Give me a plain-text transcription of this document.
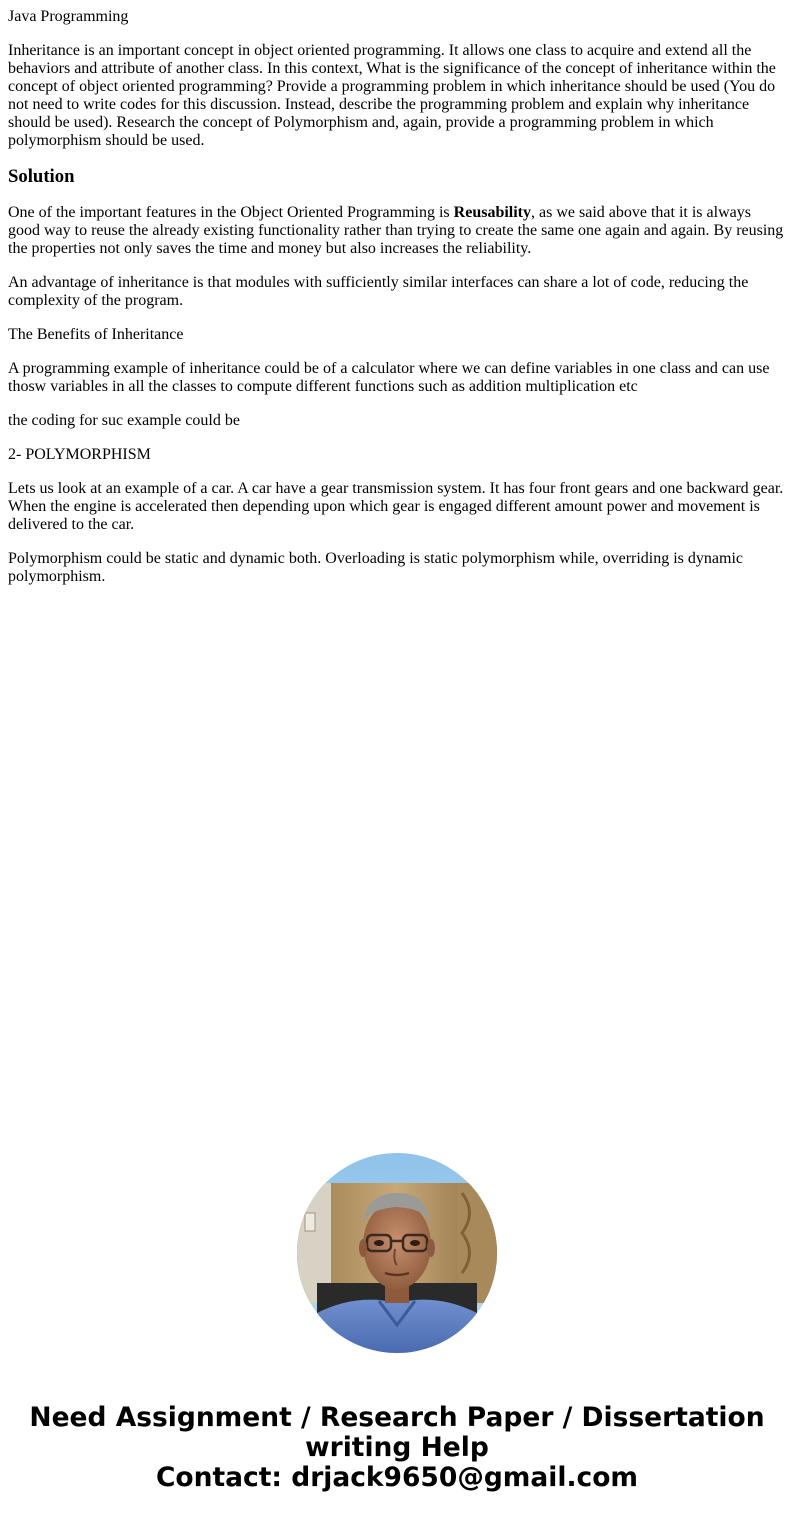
Java Programming

Inheritance is an important concept in object oriented programming. It allows one class to acquire and extend all the behaviors and attribute of another class. In this context, What is the significance of the concept of inheritance within the concept of object oriented programming? Provide a programming problem in which inheritance should be used (You do not need to write codes for this discussion. Instead, describe the programming problem and explain why inheritance should be used). Research the concept of Polymorphism and, again, provide a programming problem in which polymorphism should be used.

Solution

One of the important features in the Object Oriented Programming is Reusability, as we said above that it is always good way to reuse the already existing functionality rather than trying to create the same one again and again. By reusing the properties not only saves the time and money but also increases the reliability.

An advantage of inheritance is that modules with sufficiently similar interfaces can share a lot of code, reducing the complexity of the program.

The Benefits of Inheritance

A programming example of inheritance could be of a calculator where we can define variables in one class and can use thosw variables in all the classes to compute different functions such as addition multiplication etc

the coding for suc example could be

2- POLYMORPHISM

Lets us look at an example of a car. A car have a gear transmission system. It has four front gears and one backward gear. When the engine is accelerated then depending upon which gear is engaged different amount power and movement is delivered to the car.

Polymorphism could be static and dynamic both. Overloading is static polymorphism while, overriding is dynamic polymorphism.

Need Assignment / Research Paper / Dissertation
writing Help
Contact: drjack9650@gmail.com
